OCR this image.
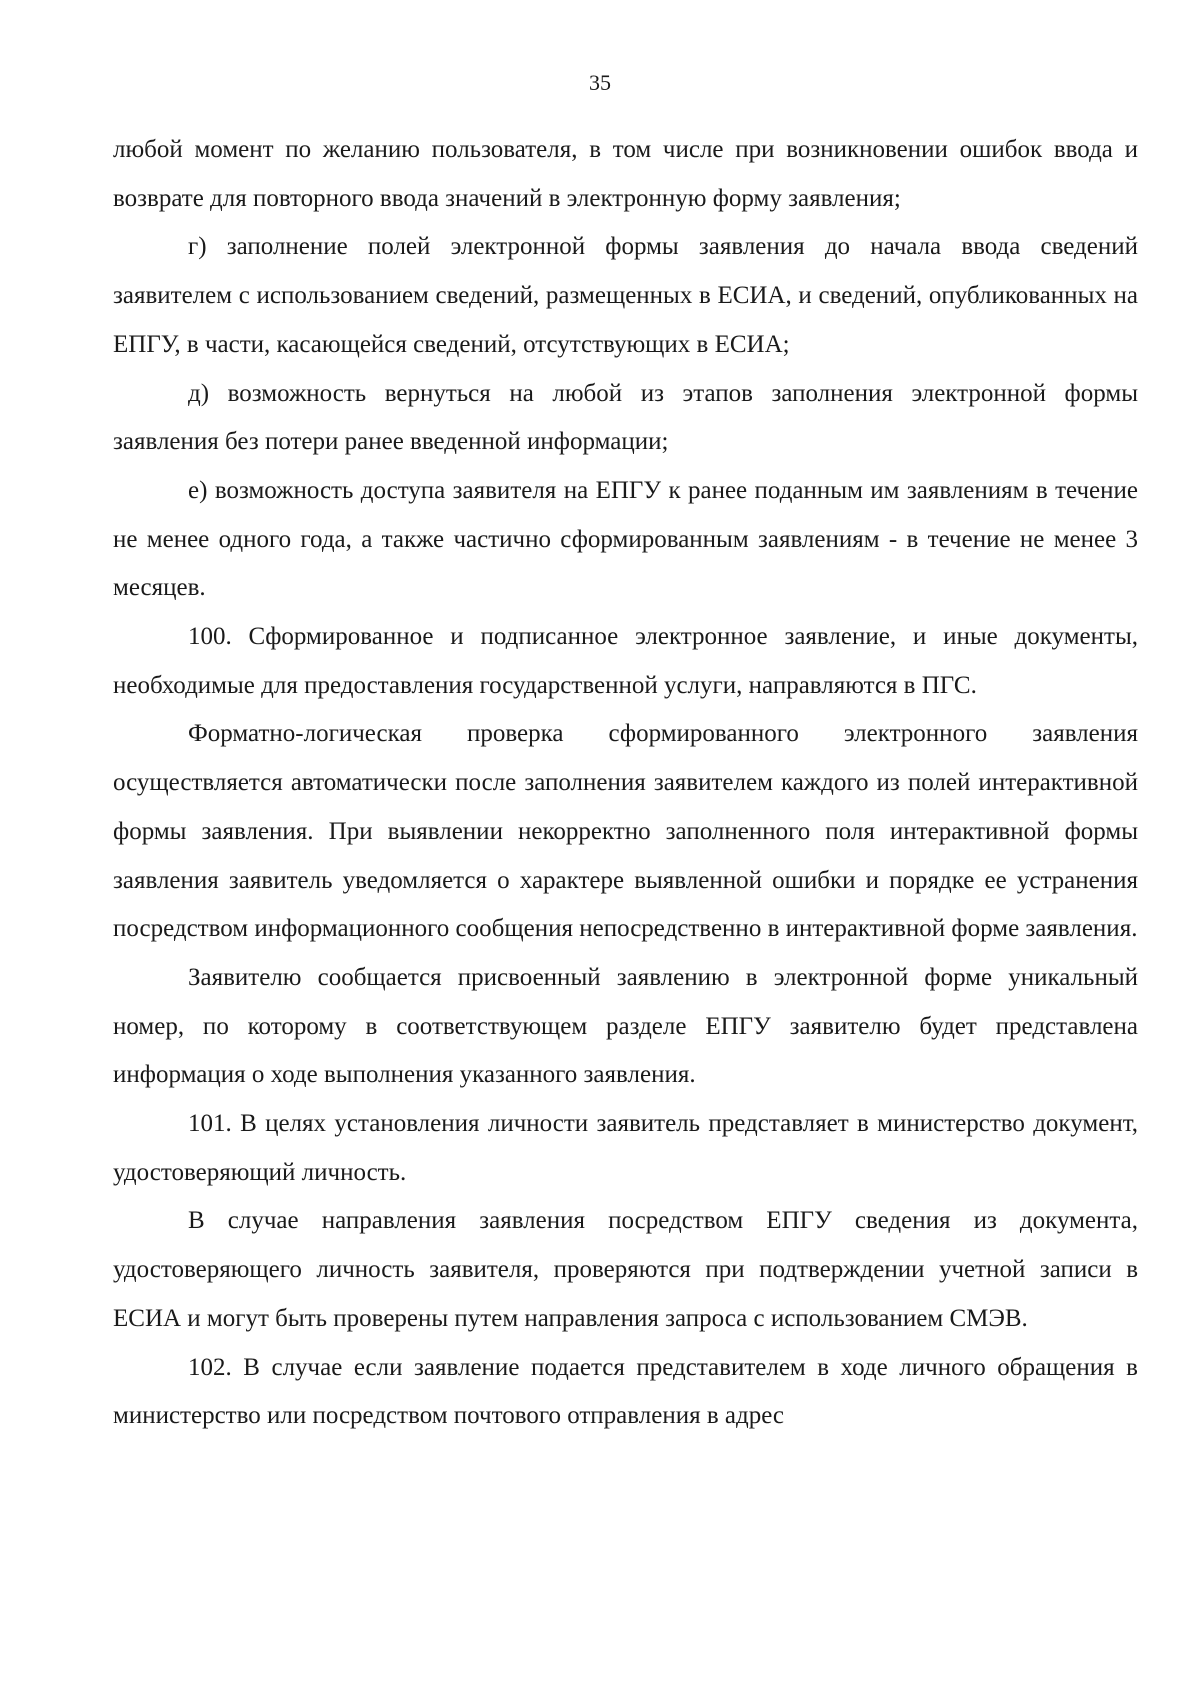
35

любой момент по желанию пользователя, в том числе при возникновении ошибок ввода и возврате для повторного ввода значений в электронную форму заявления;

г) заполнение полей электронной формы заявления до начала ввода сведений заявителем с использованием сведений, размещенных в ЕСИА, и сведений, опубликованных на ЕПГУ, в части, касающейся сведений, отсутствующих в ЕСИА;

д) возможность вернуться на любой из этапов заполнения электронной формы заявления без потери ранее введенной информации;

е) возможность доступа заявителя на ЕПГУ к ранее поданным им заявлениям в течение не менее одного года, а также частично сформированным заявлениям - в течение не менее 3 месяцев.

100. Сформированное и подписанное электронное заявление, и иные документы, необходимые для предоставления государственной услуги, направляются в ПГС.

Форматно-логическая проверка сформированного электронного заявления осуществляется автоматически после заполнения заявителем каждого из полей интерактивной формы заявления. При выявлении некорректно заполненного поля интерактивной формы заявления заявитель уведомляется о характере выявленной ошибки и порядке ее устранения посредством информационного сообщения непосредственно в интерактивной форме заявления.

Заявителю сообщается присвоенный заявлению в электронной форме уникальный номер, по которому в соответствующем разделе ЕПГУ заявителю будет представлена информация о ходе выполнения указанного заявления.

101. В целях установления личности заявитель представляет в министерство документ, удостоверяющий личность.

В случае направления заявления посредством ЕПГУ сведения из документа, удостоверяющего личность заявителя, проверяются при подтверждении учетной записи в ЕСИА и могут быть проверены путем направления запроса с использованием СМЭВ.

102. В случае если заявление подается представителем в ходе личного обращения в министерство или посредством почтового отправления в адрес
